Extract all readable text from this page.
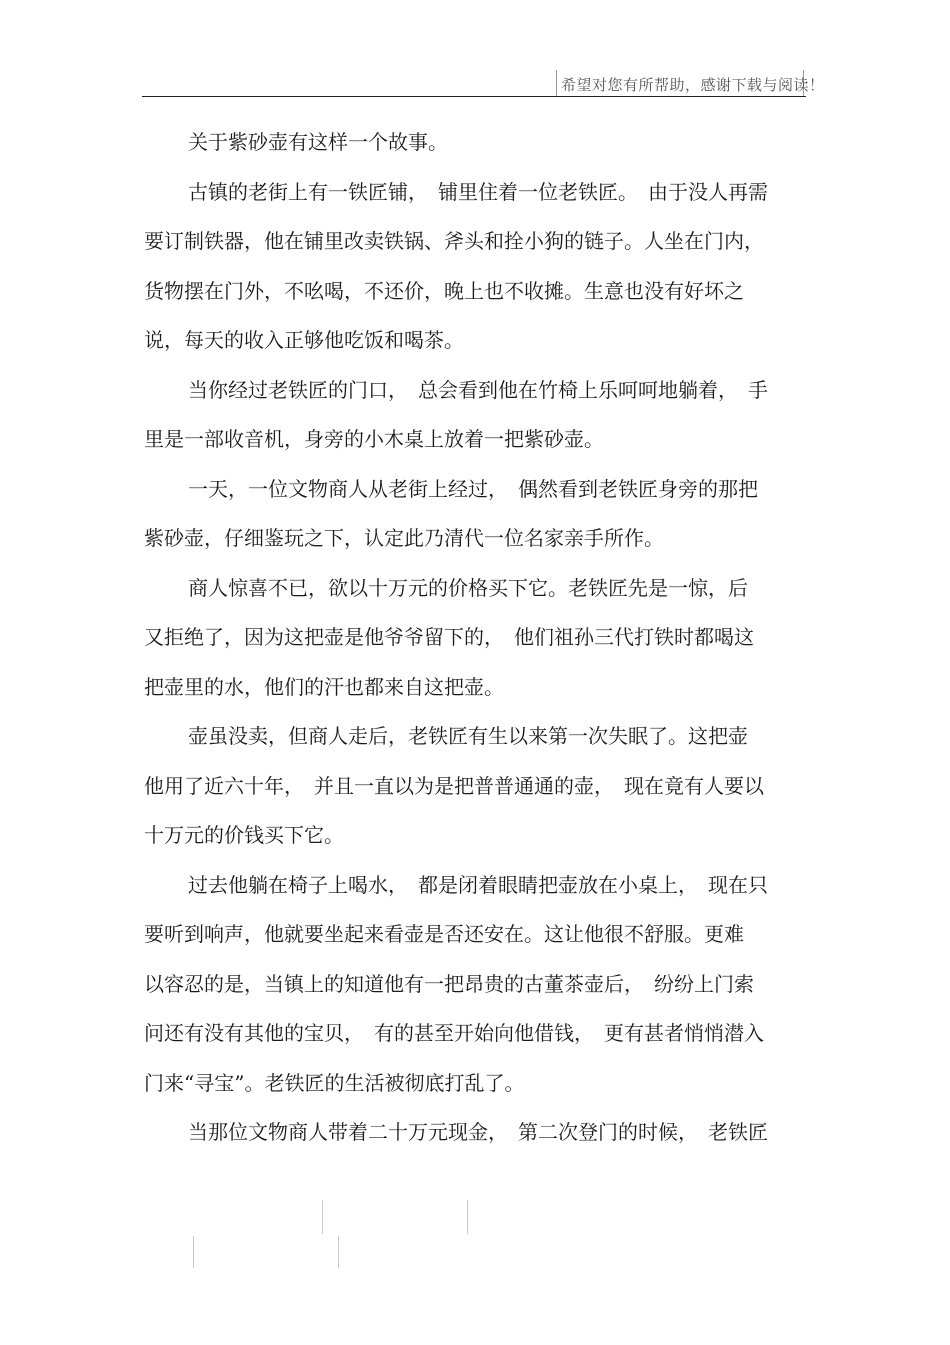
希望对您有所帮助，感谢下载与阅读！
关于紫砂壶有这样一个故事。
古镇的老街上有一铁匠铺，　铺里住着一位老铁匠。　由于没人再需
要订制铁器，他在铺里改卖铁锅、斧头和拴小狗的链子。人坐在门内，
货物摆在门外，不吆喝，不还价，晚上也不收摊。生意也没有好坏之
说，每天的收入正够他吃饭和喝茶。
当你经过老铁匠的门口，　总会看到他在竹椅上乐呵呵地躺着，　手
里是一部收音机，身旁的小木桌上放着一把紫砂壶。
一天，一位文物商人从老街上经过，　偶然看到老铁匠身旁的那把
紫砂壶，仔细鉴玩之下，认定此乃清代一位名家亲手所作。
商人惊喜不已，欲以十万元的价格买下它。老铁匠先是一惊，后
又拒绝了，因为这把壶是他爷爷留下的，　他们祖孙三代打铁时都喝这
把壶里的水，他们的汗也都来自这把壶。
壶虽没卖，但商人走后，老铁匠有生以来第一次失眠了。这把壶
他用了近六十年，　并且一直以为是把普普通通的壶，　现在竟有人要以
十万元的价钱买下它。
过去他躺在椅子上喝水，　都是闭着眼睛把壶放在小桌上，　现在只
要听到响声，他就要坐起来看壶是否还安在。这让他很不舒服。更难
以容忍的是，当镇上的知道他有一把昂贵的古董茶壶后，　纷纷上门索
问还有没有其他的宝贝，　有的甚至开始向他借钱，　更有甚者悄悄潜入
门来“寻宝”。老铁匠的生活被彻底打乱了。
当那位文物商人带着二十万元现金，　第二次登门的时候，　老铁匠
